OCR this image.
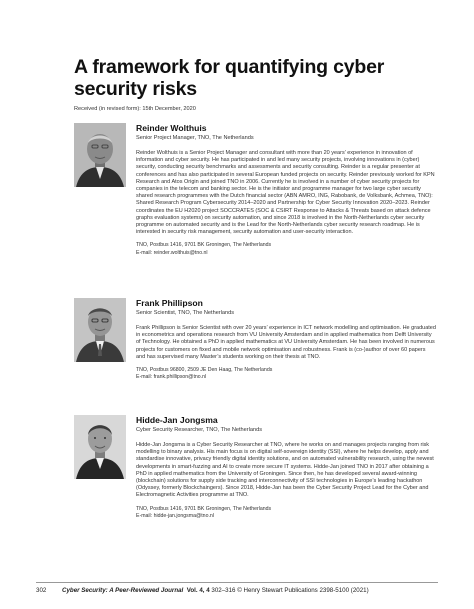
A framework for quantifying cyber security risks
Received (in revised form): 15th December, 2020

Reinder Wolthuis

Senior Project Manager, TNO, The Netherlands

Reinder Wolthuis is a Senior Project Manager and consultant with more than 20 years’ experience in innovation of information and cyber security. He has participated in and led many security projects, involving innovations in (cyber) security, conducting security benchmarks and assessments and security consulting. Reinder is a regular presenter at conferences and has also participated in several European funded projects on security. Reinder previously worked for KPN Research and Atos Origin and joined TNO in 2006. Currently he is involved in a number of cyber security projects for companies in the telecom and banking sector. He is the initiator and programme manager for two large cyber security shared research programmes with the Dutch financial sector (ABN AMRO, ING, Rabobank, de Volksbank, Achmea, TNO): Shared Research Program Cybersecurity 2014–2020 and Partnership for Cyber Security Innovation 2020–2023. Reinder coordinates the EU H2020 project SOCCRATES (SOC & CSIRT Response to Attacks & Threats based on attack defence graphs evaluation systems) on security automation, and since 2018 is involved in the North-Netherlands cyber security programme on automated security and is the Lead for the North-Netherlands cyber security research roadmap. He is interested in security risk management, security automation and user-security interaction.

TNO, Postbus 1416, 9701 BK Groningen, The Netherlands

E-mail: reinder.wolthuis@tno.nl

Frank Phillipson

Senior Scientist, TNO, The Netherlands

Frank Phillipson is Senior Scientist with over 20 years’ experience in ICT network modelling and optimisation. He graduated in econometrics and operations research from VU University Amsterdam and in applied mathematics from Delft University of Technology. He obtained a PhD in applied mathematics at VU University Amsterdam. He has been involved in numerous projects for customers on fixed and mobile network optimisation and robustness. Frank is (co-)author of over 60 papers and has supervised many Master’s students working on their thesis at TNO.

TNO, Postbus 96800, 2509 JE Den Haag, The Netherlands

E-mail: frank.phillipson@tno.nl

Hidde-Jan Jongsma

Cyber Security Researcher, TNO, The Netherlands

Hidde-Jan Jongsma is a Cyber Security Researcher at TNO, where he works on and manages projects ranging from risk modelling to binary analysis. His main focus is on digital self-sovereign identity (SSI), where he helps develop, apply and standardise innovative, privacy friendly digital identity solutions, and on automated vulnerability research, using the newest developments in smart-fuzzing and AI to create more secure IT systems. Hidde-Jan joined TNO in 2017 after obtaining a PhD in applied mathematics from the University of Groningen. Since then, he has developed several award-winning (blockchain) solutions for supply side tracking and interconnectivity of SSI technologies in Europe’s leading hackathon (Odyssey, formerly Blockchaingers). Since 2018, Hidde-Jan has been the Cyber Security Project Lead for the Cyber and Electromagnetic Activities programme at TNO.

TNO, Postbus 1416, 9701 BK Groningen, The Netherlands

E-mail: hidde-jan.jongsma@tno.nl

302	Cyber Security: A Peer-Reviewed Journal Vol. 4, 4 302–316 © Henry Stewart Publications 2398-5100 (2021)
